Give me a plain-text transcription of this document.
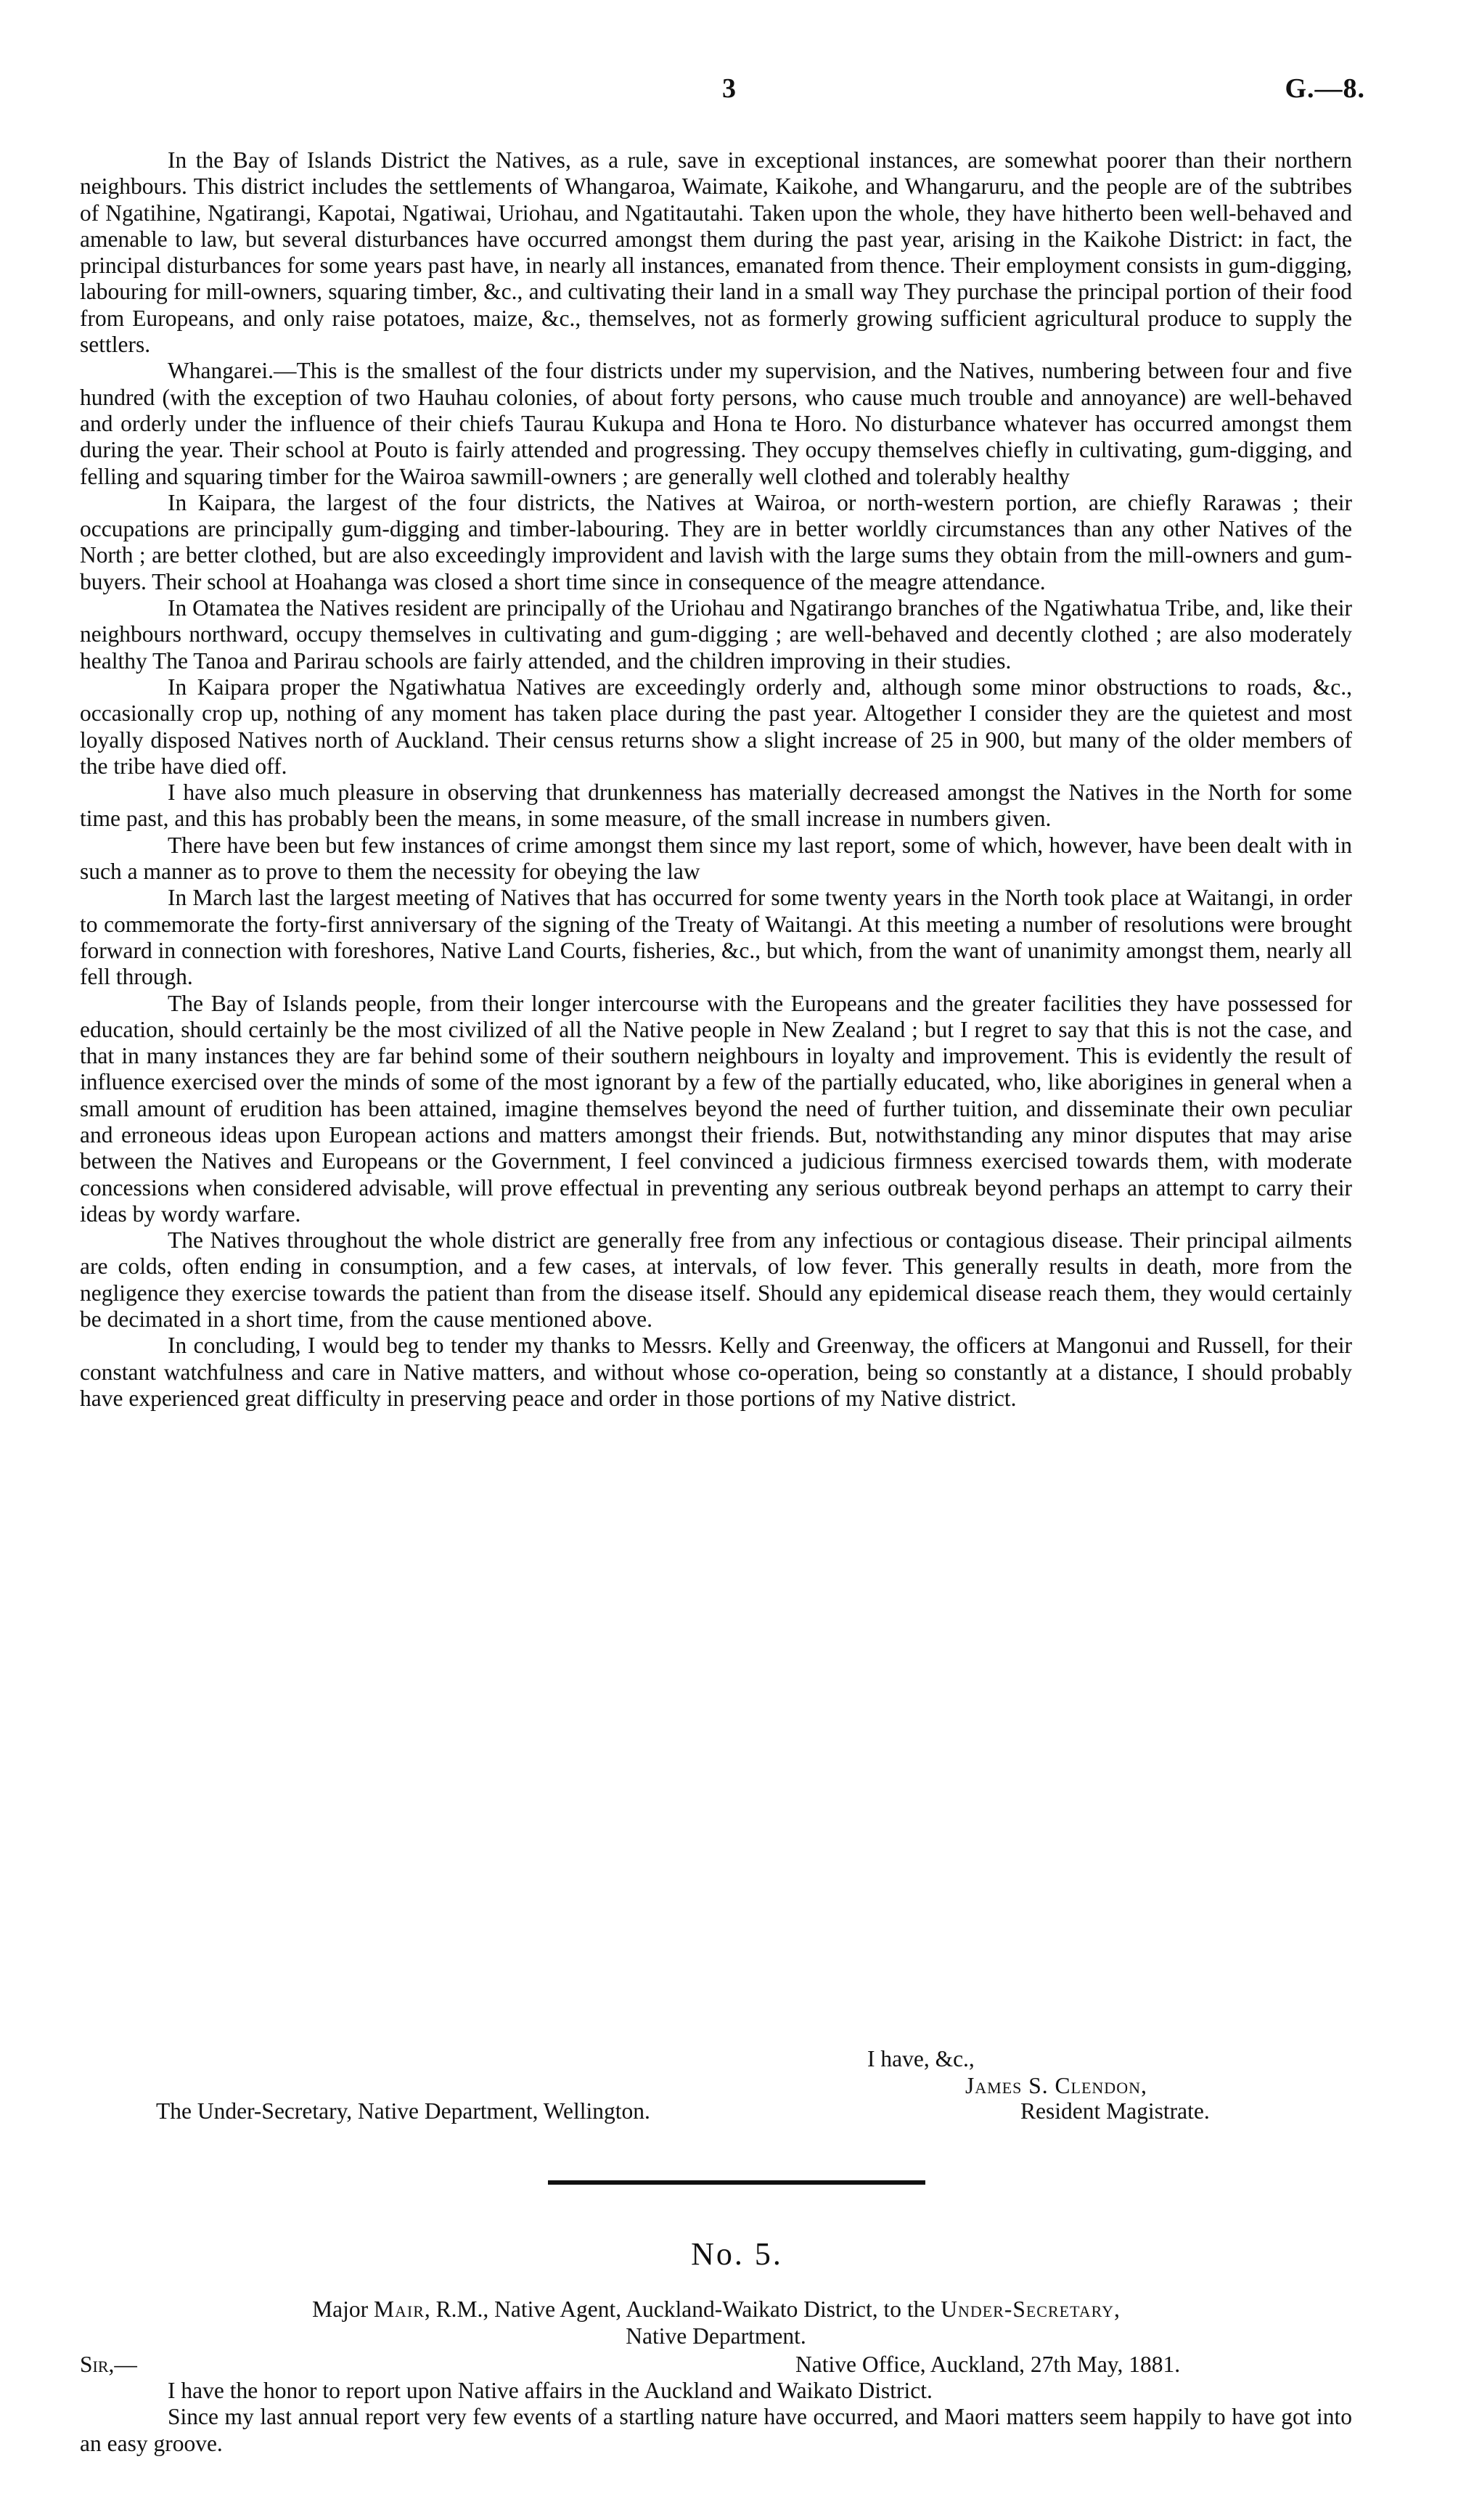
3	G.—8.

In the Bay of Islands District the Natives, as a rule, save in exceptional instances, are somewhat poorer than their northern neighbours. This district includes the settlements of Whangaroa, Waimate, Kaikohe, and Whangaruru, and the people are of the subtribes of Ngatihine, Ngatirangi, Kapotai, Ngatiwai, Uriohau, and Ngatitautahi. Taken upon the whole, they have hitherto been well-behaved and amenable to law, but several disturbances have occurred amongst them during the past year, arising in the Kaikohe District: in fact, the principal disturbances for some years past have, in nearly all instances, emanated from thence. Their employment consists in gum-digging, labouring for mill-owners, squaring timber, &c., and cultivating their land in a small way They purchase the principal portion of their food from Europeans, and only raise potatoes, maize, &c., themselves, not as formerly growing sufficient agricultural produce to supply the settlers.

Whangarei.—This is the smallest of the four districts under my supervision, and the Natives, numbering between four and five hundred (with the exception of two Hauhau colonies, of about forty persons, who cause much trouble and annoyance) are well-behaved and orderly under the influence of their chiefs Taurau Kukupa and Hona te Horo. No disturbance whatever has occurred amongst them during the year. Their school at Pouto is fairly attended and progressing. They occupy themselves chiefly in cultivating, gum-digging, and felling and squaring timber for the Wairoa sawmill-owners ; are generally well clothed and tolerably healthy

In Kaipara, the largest of the four districts, the Natives at Wairoa, or north-western portion, are chiefly Rarawas ; their occupations are principally gum-digging and timber-labouring. They are in better worldly circumstances than any other Natives of the North ; are better clothed, but are also exceedingly improvident and lavish with the large sums they obtain from the mill-owners and gum-buyers. Their school at Hoahanga was closed a short time since in consequence of the meagre attendance.

In Otamatea the Natives resident are principally of the Uriohau and Ngatirango branches of the Ngatiwhatua Tribe, and, like their neighbours northward, occupy themselves in cultivating and gum-digging ; are well-behaved and decently clothed ; are also moderately healthy The Tanoa and Parirau schools are fairly attended, and the children improving in their studies.

In Kaipara proper the Ngatiwhatua Natives are exceedingly orderly and, although some minor obstructions to roads, &c., occasionally crop up, nothing of any moment has taken place during the past year. Altogether I consider they are the quietest and most loyally disposed Natives north of Auckland. Their census returns show a slight increase of 25 in 900, but many of the older members of the tribe have died off.

I have also much pleasure in observing that drunkenness has materially decreased amongst the Natives in the North for some time past, and this has probably been the means, in some measure, of the small increase in numbers given.

There have been but few instances of crime amongst them since my last report, some of which, however, have been dealt with in such a manner as to prove to them the necessity for obeying the law

In March last the largest meeting of Natives that has occurred for some twenty years in the North took place at Waitangi, in order to commemorate the forty-first anniversary of the signing of the Treaty of Waitangi. At this meeting a number of resolutions were brought forward in connection with foreshores, Native Land Courts, fisheries, &c., but which, from the want of unanimity amongst them, nearly all fell through.

The Bay of Islands people, from their longer intercourse with the Europeans and the greater facilities they have possessed for education, should certainly be the most civilized of all the Native people in New Zealand ; but I regret to say that this is not the case, and that in many instances they are far behind some of their southern neighbours in loyalty and improvement. This is evidently the result of influence exercised over the minds of some of the most ignorant by a few of the partially educated, who, like aborigines in general when a small amount of erudition has been attained, imagine themselves beyond the need of further tuition, and disseminate their own peculiar and erroneous ideas upon European actions and matters amongst their friends. But, notwithstanding any minor disputes that may arise between the Natives and Europeans or the Government, I feel convinced a judicious firmness exercised towards them, with moderate concessions when considered advisable, will prove effectual in preventing any serious outbreak beyond perhaps an attempt to carry their ideas by wordy warfare.

The Natives throughout the whole district are generally free from any infectious or contagious disease. Their principal ailments are colds, often ending in consumption, and a few cases, at intervals, of low fever. This generally results in death, more from the negligence they exercise towards the patient than from the disease itself. Should any epidemical disease reach them, they would certainly be decimated in a short time, from the cause mentioned above.

In concluding, I would beg to tender my thanks to Messrs. Kelly and Greenway, the officers at Mangonui and Russell, for their constant watchfulness and care in Native matters, and without whose co-operation, being so constantly at a distance, I should probably have experienced great difficulty in preserving peace and order in those portions of my Native district.

I have, &c.,
James S. Clendon,
The Under-Secretary, Native Department, Wellington.	Resident Magistrate.
No. 5.
Major Mair, R.M., Native Agent, Auckland-Waikato District, to the Under-Secretary,
Native Department.
Sir,—	Native Office, Auckland, 27th May, 1881.

I have the honor to report upon Native affairs in the Auckland and Waikato District.

Since my last annual report very few events of a startling nature have occurred, and Maori matters seem happily to have got into an easy groove.
